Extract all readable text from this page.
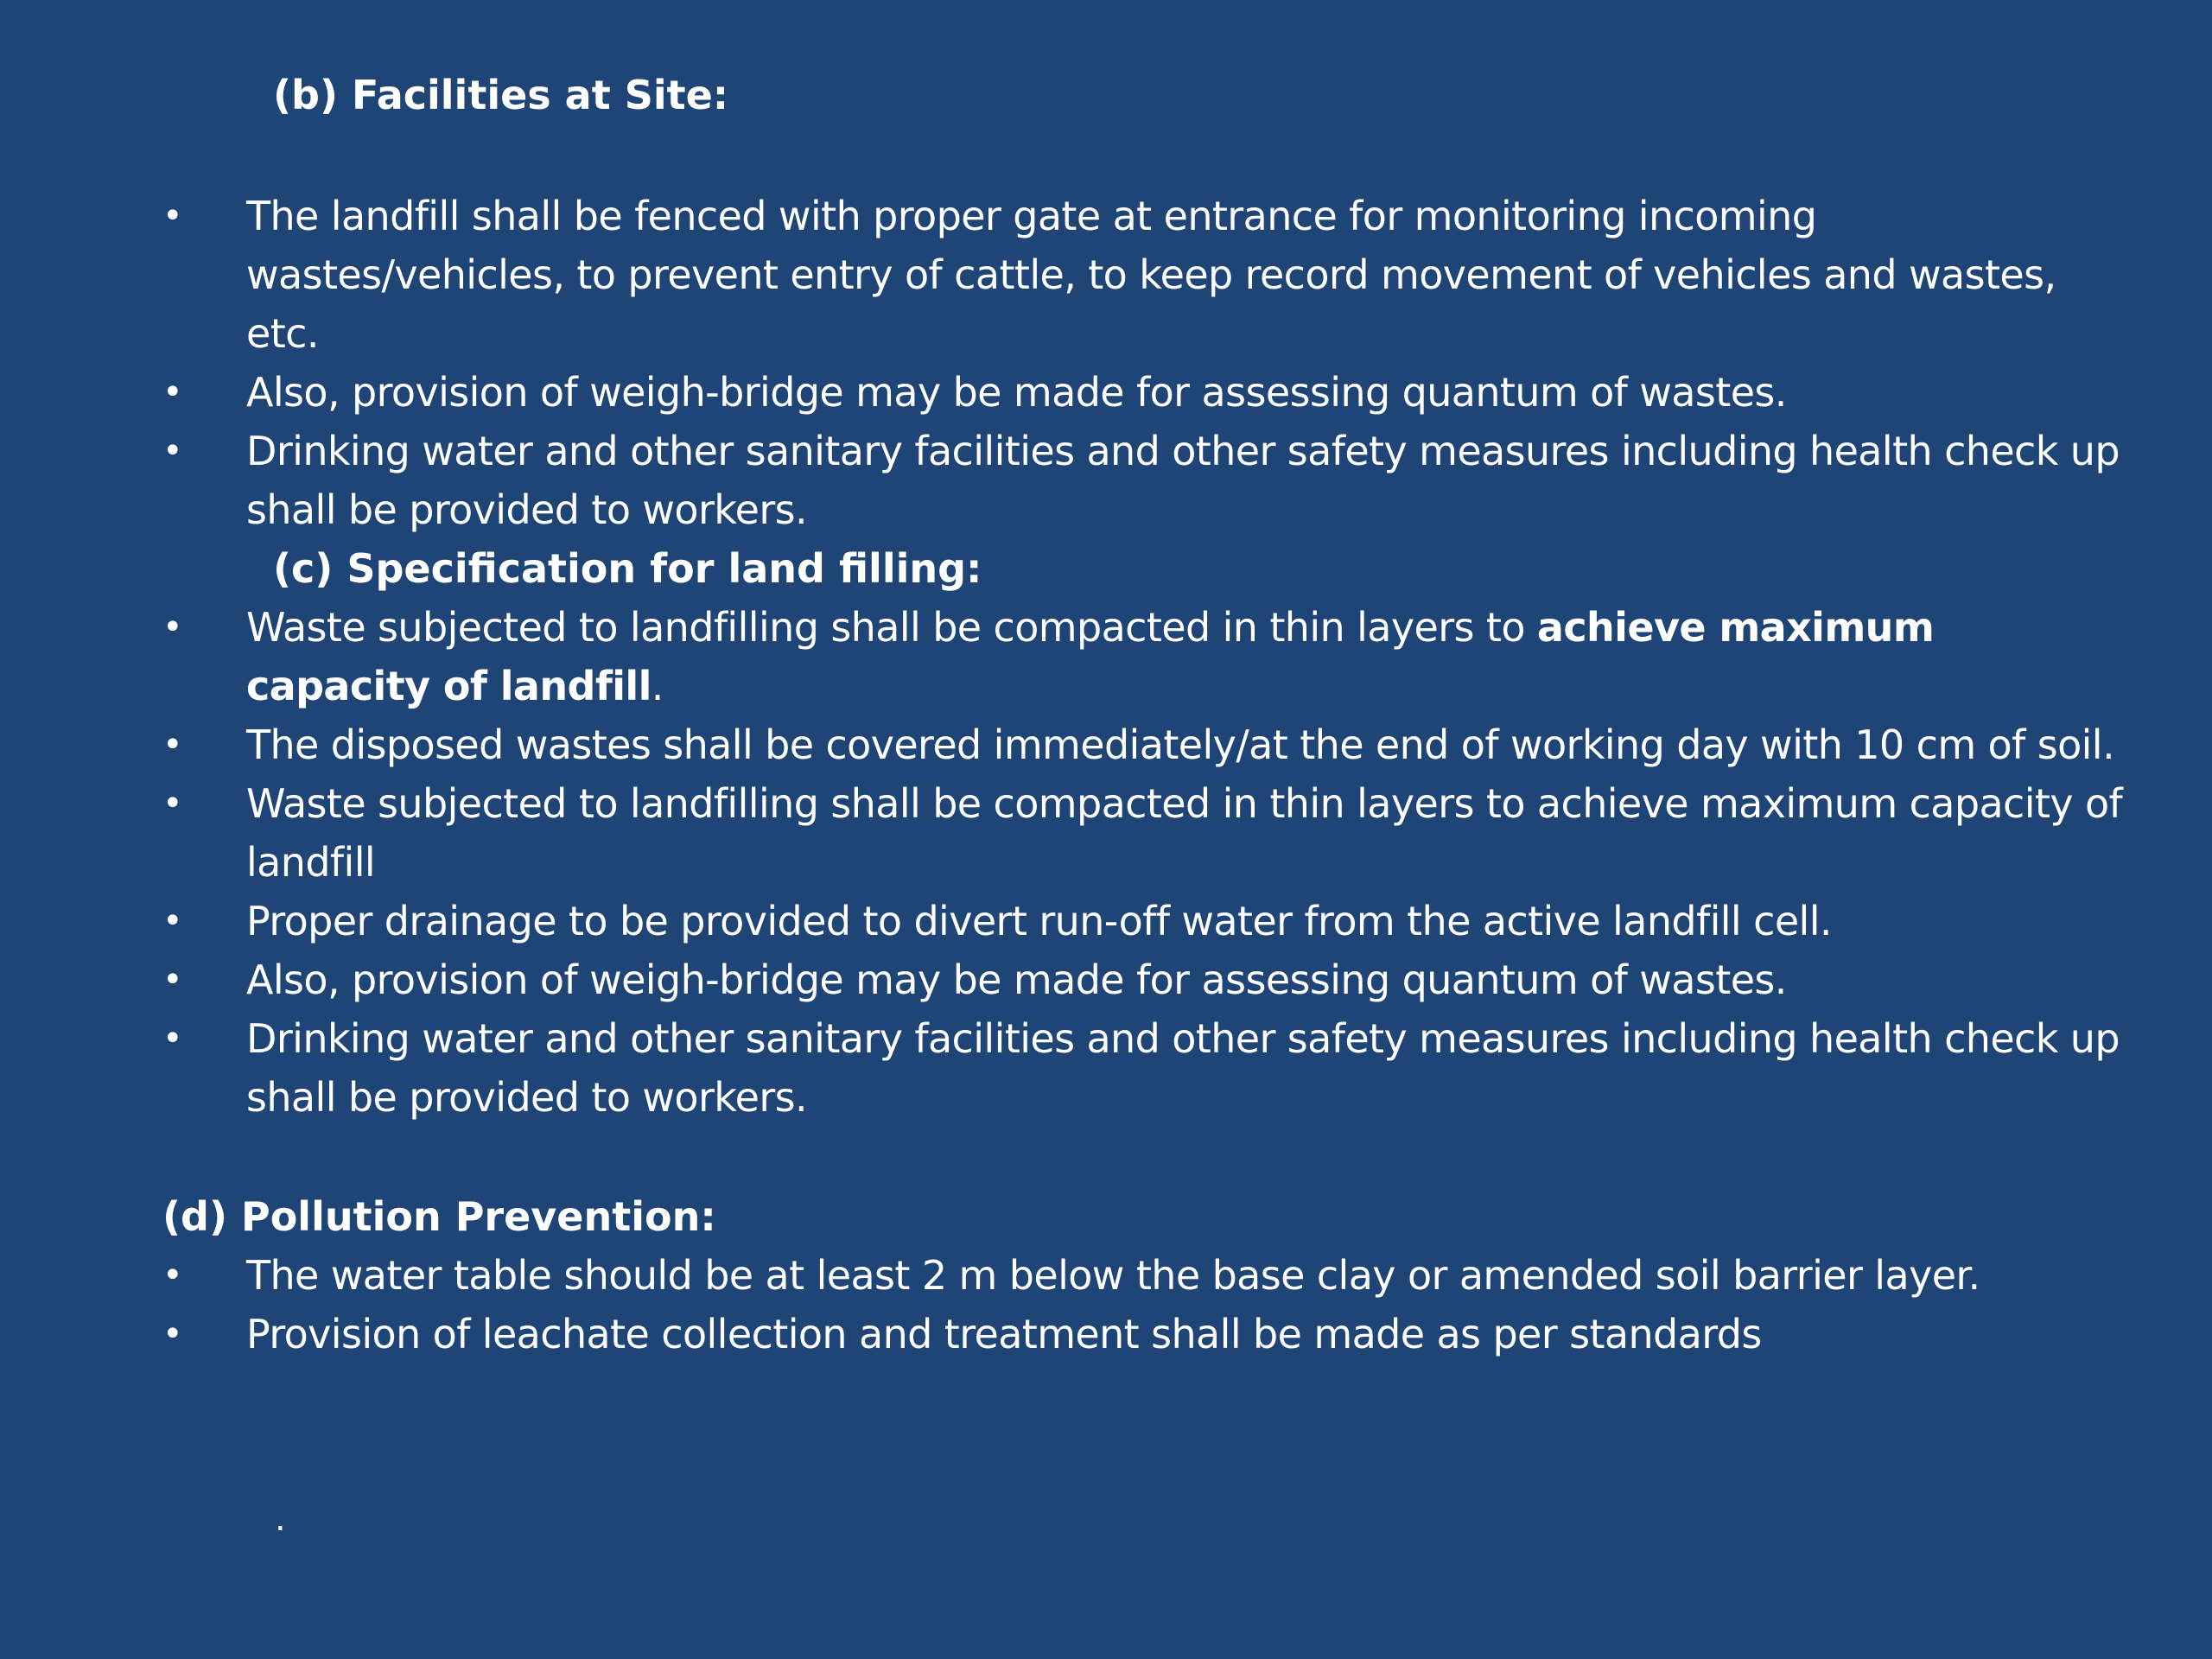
(b) Facilities at Site:
• The landfill shall be fenced with proper gate at entrance for monitoring incoming wastes/vehicles, to prevent entry of cattle, to keep record movement of vehicles and wastes, etc.
• Also, provision of weigh-bridge may be made for assessing quantum of wastes.
• Drinking water and other sanitary facilities and other safety measures including health check up shall be provided to workers.
(c) Specification for land filling:
• Waste subjected to landfilling shall be compacted in thin layers to achieve maximum capacity of landfill.
• The disposed wastes shall be covered immediately/at the end of working day with 10 cm of soil.
• Waste subjected to landfilling shall be compacted in thin layers to achieve maximum capacity of landfill
• Proper drainage to be provided to divert run-off water from the active landfill cell.
• Also, provision of weigh-bridge may be made for assessing quantum of wastes.
• Drinking water and other sanitary facilities and other safety measures including health check up shall be provided to workers.
(d) Pollution Prevention:
• The water table should be at least 2 m below the base clay or amended soil barrier layer.
• Provision of leachate collection and treatment shall be made as per standards
.
